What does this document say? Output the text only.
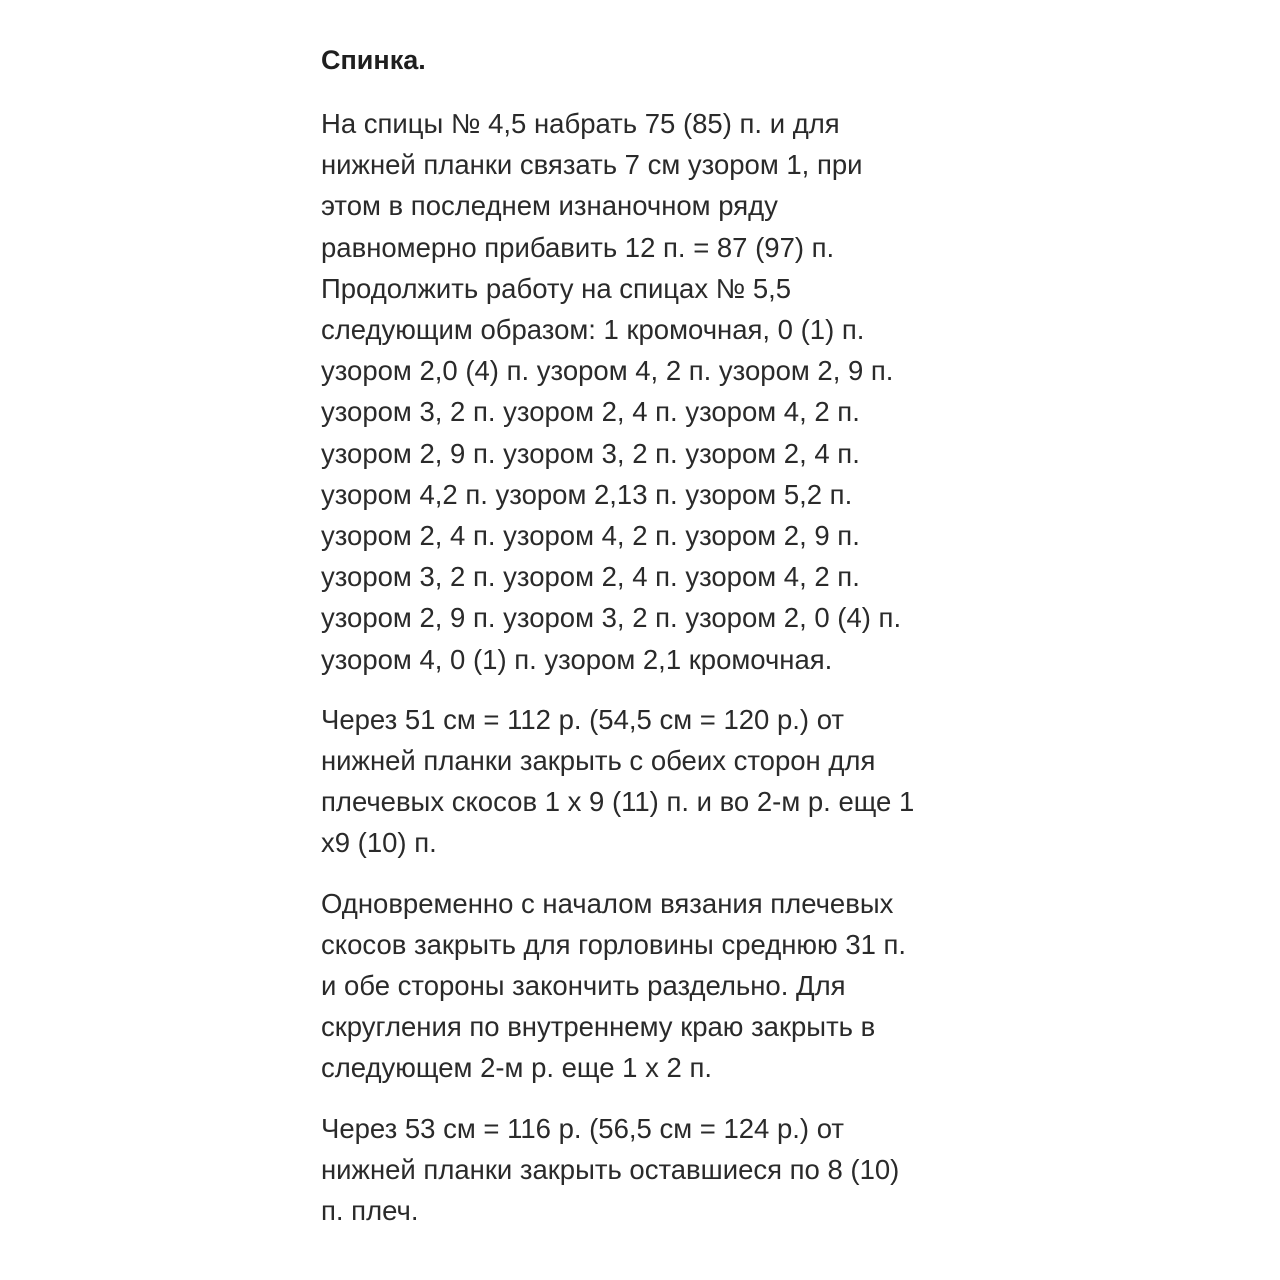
Спинка.
На спицы № 4,5 набрать 75 (85) п. и для
нижней планки связать 7 см узором 1, при
этом в последнем изнаночном ряду
равномерно прибавить 12 п. = 87 (97) п.
Продолжить работу на спицах № 5,5
следующим образом: 1 кромочная, 0 (1) п.
узором 2,0 (4) п. узором 4, 2 п. узором 2, 9 п.
узором 3, 2 п. узором 2, 4 п. узором 4, 2 п.
узором 2, 9 п. узором 3, 2 п. узором 2, 4 п.
узором 4,2 п. узором 2,13 п. узором 5,2 п.
узором 2, 4 п. узором 4, 2 п. узором 2, 9 п.
узором 3, 2 п. узором 2, 4 п. узором 4, 2 п.
узором 2, 9 п. узором 3, 2 п. узором 2, 0 (4) п.
узором 4, 0 (1) п. узором 2,1 кромочная.
Через 51 см = 112 р. (54,5 см = 120 р.) от
нижней планки закрыть с обеих сторон для
плечевых скосов 1 х 9 (11) п. и во 2-м р. еще 1
х9 (10) п.
Одновременно с началом вязания плечевых
скосов закрыть для горловины среднюю 31 п.
и обе стороны закончить раздельно. Для
скругления по внутреннему краю закрыть в
следующем 2-м р. еще 1 х 2 п.
Через 53 см = 116 р. (56,5 см = 124 р.) от
нижней планки закрыть оставшиеся по 8 (10)
п. плеч.
